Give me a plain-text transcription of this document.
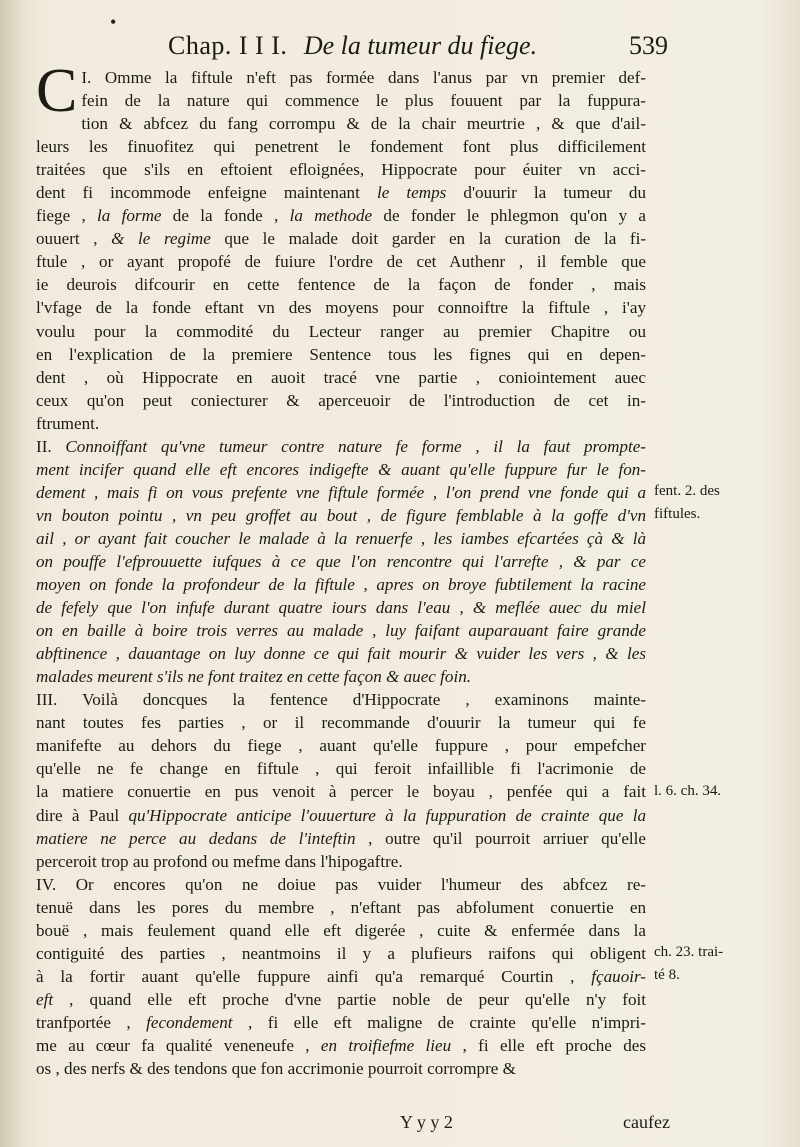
•
Chap. I I I. De la tumeur du fiege.	539
C I. Omme la fiftule n'eft pas formée dans l'anus par vn premier def-
fein de la nature qui commence le plus fouuent par la fuppura-
tion & abfcez du fang corrompu & de la chair meurtrie , & que d'ail-
leurs les finuofitez qui penetrent le fondement font plus difficilement
traitées que s'ils en eftoient efloignées, Hippocrate pour éuiter vn acci-
dent fi incommode enfeigne maintenant le temps d'ouurir la tumeur du
fiege , la forme de la fonde , la methode de fonder le phlegmon qu'on y a
ouuert , & le regime que le malade doit garder en la curation de la fi-
ftule , or ayant propofé de fuiure l'ordre de cet Authenr , il femble que
ie deurois difcourir en cette fentence de la façon de fonder , mais
l'vfage de la fonde eftant vn des moyens pour connoiftre la fiftule , i'ay
voulu pour la commodité du Lecteur ranger au premier Chapitre ou
en l'explication de la premiere Sentence tous les fignes qui en depen-
dent , où Hippocrate en auoit tracé vne partie , coniointement auec
ceux qu'on peut coniecturer & aperceuoir de l'introduction de cet in-
ftrument.
II. Connoiffant qu'vne tumeur contre nature fe forme , il la faut prompte-
ment incifer quand elle eft encores indigefte & auant qu'elle fuppure fur le fon-
dement , mais fi on vous prefente vne fiftule formée , l'on prend vne fonde qui a
vn bouton pointu , vn peu groffet au bout , de figure femblable à la goffe d'vn
ail , or ayant fait coucher le malade à la renuerfe , les iambes efcartées çà & là
on pouffe l'efprouuette iufques à ce que l'on rencontre qui l'arrefte , & par ce
moyen on fonde la profondeur de la fiftule , apres on broye fubtilement la racine
de fefely que l'on infufe durant quatre iours dans l'eau , & meflée auec du miel
on en baille à boire trois verres au malade , luy faifant auparauant faire grande
abftinence , dauantage on luy donne ce qui fait mourir & vuider les vers , & les
malades meurent s'ils ne font traitez en cette façon & auec foin.
III. Voilà doncques la fentence d'Hippocrate , examinons mainte-
nant toutes fes parties , or il recommande d'ouurir la tumeur qui fe
manifefte au dehors du fiege , auant qu'elle fuppure , pour empefcher
qu'elle ne fe change en fiftule , qui feroit infaillible fi l'acrimonie de
la matiere conuertie en pus venoit à percer le boyau , penfée qui a fait
dire à Paul qu'Hippocrate anticipe l'ouuerture à la fuppuration de crainte que la
matiere ne perce au dedans de l'inteftin , outre qu'il pourroit arriuer qu'elle
perceroit trop au profond ou mefme dans l'hipogaftre.
IV. Or encores qu'on ne doiue pas vuider l'humeur des abfcez re-
tenuë dans les pores du membre , n'eftant pas abfolument conuertie en
bouë , mais feulement quand elle eft digerée , cuite & enfermée dans la
contiguité des parties , neantmoins il y a plufieurs raifons qui obligent
à la fortir auant qu'elle fuppure ainfi qu'a remarqué Courtin , fçauoir-
eft , quand elle eft proche d'vne partie noble de peur qu'elle n'y foit
tranfportée , fecondement , fi elle eft maligne de crainte qu'elle n'impri-
me au cœur fa qualité veneneufe , en troifiefme lieu , fi elle eft proche des
os , des nerfs & des tendons que fon accrimonie pourroit corrompre &
fent. 2. des
fiftules.
l. 6. ch. 34.
ch. 23. trai-
té 8.
Y y y 2	caufez
